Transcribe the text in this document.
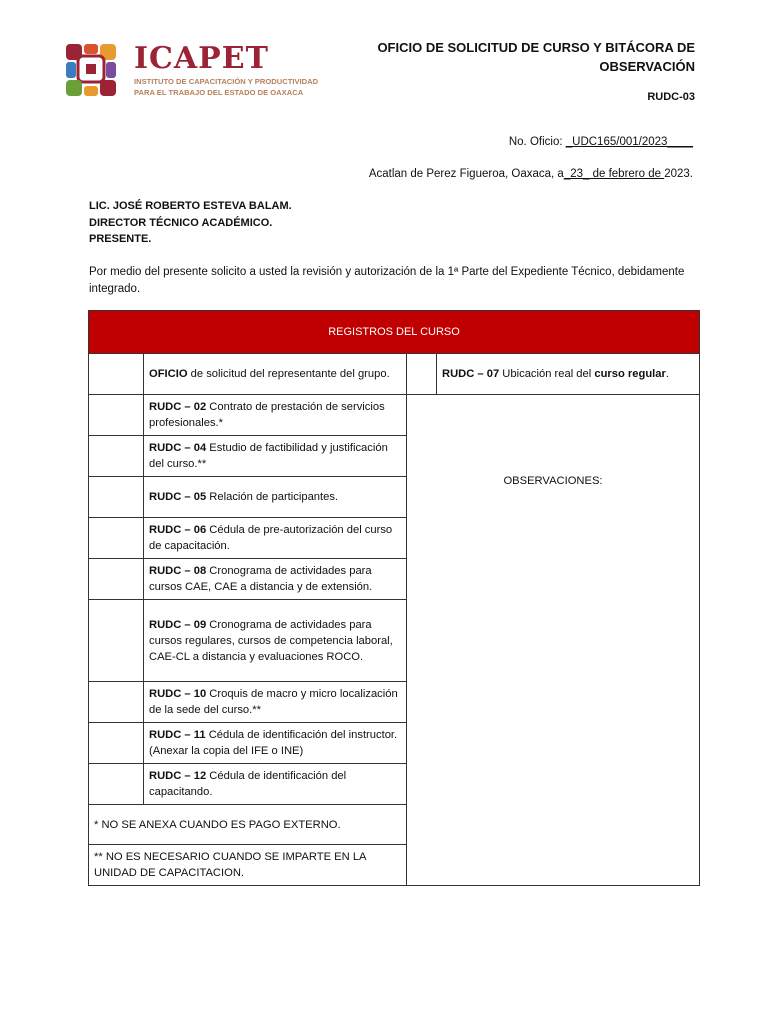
ICAPET
INSTITUTO DE CAPACITACIÓN Y PRODUCTIVIDAD
PARA EL TRABAJO DEL ESTADO DE OAXACA
OFICIO DE SOLICITUD DE CURSO Y BITÁCORA DE
OBSERVACIÓN
RUDC-03
No. Oficio: _UDC165/001/2023____
Acatlan de Perez Figueroa, Oaxaca, a_23_ de febrero de 2023.
LIC. JOSÉ ROBERTO ESTEVA BALAM.
DIRECTOR TÉCNICO ACADÉMICO.
PRESENTE.
Por medio del presente solicito a usted la revisión y autorización de la 1ª Parte del Expediente Técnico, debidamente integrado.
REGISTROS DEL CURSO			
	OFICIO de solicitud del representante del grupo.		RUDC – 07 Ubicación real del curso regular.
	RUDC – 02 Contrato de prestación de servicios profesionales.*	OBSERVACIONES:	
	RUDC – 04 Estudio de factibilidad y justificación del curso.**		
	RUDC – 05 Relación de participantes.		
	RUDC – 06 Cédula de pre-autorización del curso de capacitación.		
	RUDC – 08 Cronograma de actividades para cursos CAE, CAE a distancia y de extensión.		
	RUDC – 09 Cronograma de actividades para cursos regulares, cursos de competencia laboral, CAE-CL a distancia y evaluaciones ROCO.		
	RUDC – 10 Croquis de macro y micro localización de la sede del curso.**		
	RUDC – 11 Cédula de identificación del instructor. (Anexar la copia del IFE o INE)		
	RUDC – 12 Cédula de identificación del capacitando.		
* NO SE ANEXA CUANDO ES PAGO EXTERNO.			
** NO ES NECESARIO CUANDO SE IMPARTE EN LA UNIDAD DE CAPACITACION.			
